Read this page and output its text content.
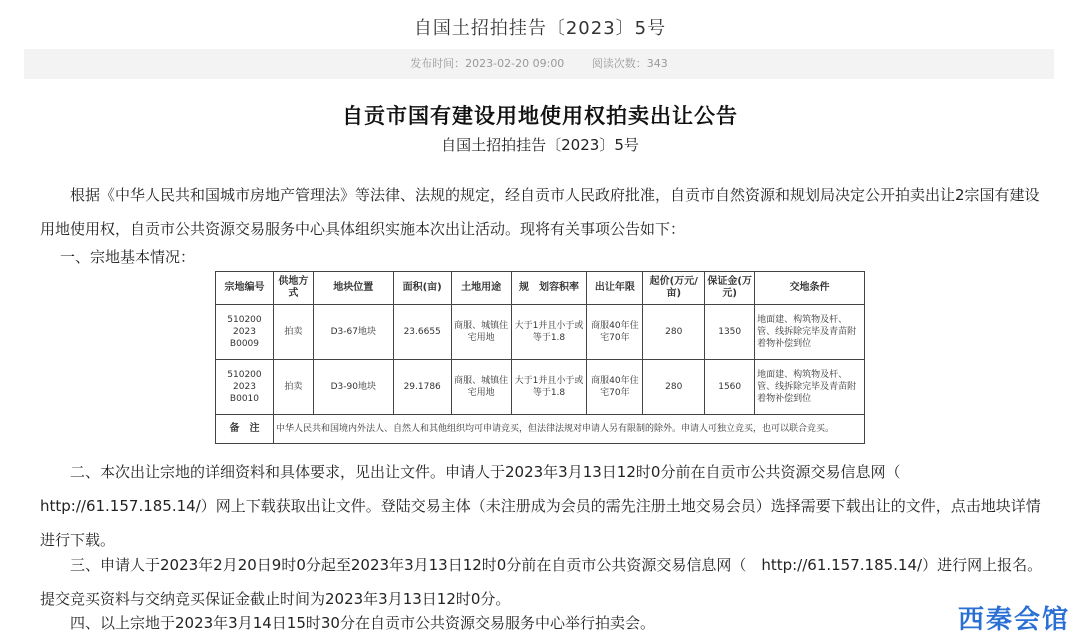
自国土招拍挂告〔2023〕5号
发布时间：2023-02-20 09:00	阅读次数：343
自贡市国有建设用地使用权拍卖出让公告
自国土招拍挂告〔2023〕5号

根据《中华人民共和国城市房地产管理法》等法律、法规的规定，经自贡市人民政府批准，自贡市自然资源和规划局决定公开拍卖出让2宗国有建设用地使用权，自贡市公共资源交易服务中心具体组织实施本次出让活动。现将有关事项公告如下：

一、宗地基本情况：

宗地编号	供地方式	地块位置	面积(亩)	土地用途	规　划容积率	出让年限	起价(万元/亩)	保证金(万元)	交地条件
510200 2023 B0009	拍卖	D3-67地块	23.6655	商服、城镇住宅用地	大于1并且小于或等于1.8	商服40年住宅70年	280	1350	地面建、构筑物及杆、管、线拆除完毕及青苗附着物补偿到位
510200 2023 B0010	拍卖	D3-90地块	29.1786	商服、城镇住宅用地	大于1并且小于或等于1.8	商服40年住宅70年	280	1560	地面建、构筑物及杆、管、线拆除完毕及青苗附着物补偿到位
备　注	中华人民共和国境内外法人、自然人和其他组织均可申请竞买，但法律法规对申请人另有限制的除外。申请人可独立竞买，也可以联合竞买。								

二、本次出让宗地的详细资料和具体要求，见出让文件。申请人于2023年3月13日12时0分前在自贡市公共资源交易信息网（　http://61.157.185.14/）网上下载获取出让文件。登陆交易主体（未注册成为会员的需先注册土地交易会员）选择需要下载出让的文件，点击地块详情进行下载。

三、申请人于2023年2月20日9时0分起至2023年3月13日12时0分前在自贡市公共资源交易信息网（　http://61.157.185.14/）进行网上报名。提交竞买资料与交纳竞买保证金截止时间为2023年3月13日12时0分。

四、以上宗地于2023年3月14日15时30分在自贡市公共资源交易服务中心举行拍卖会。	西秦会馆
